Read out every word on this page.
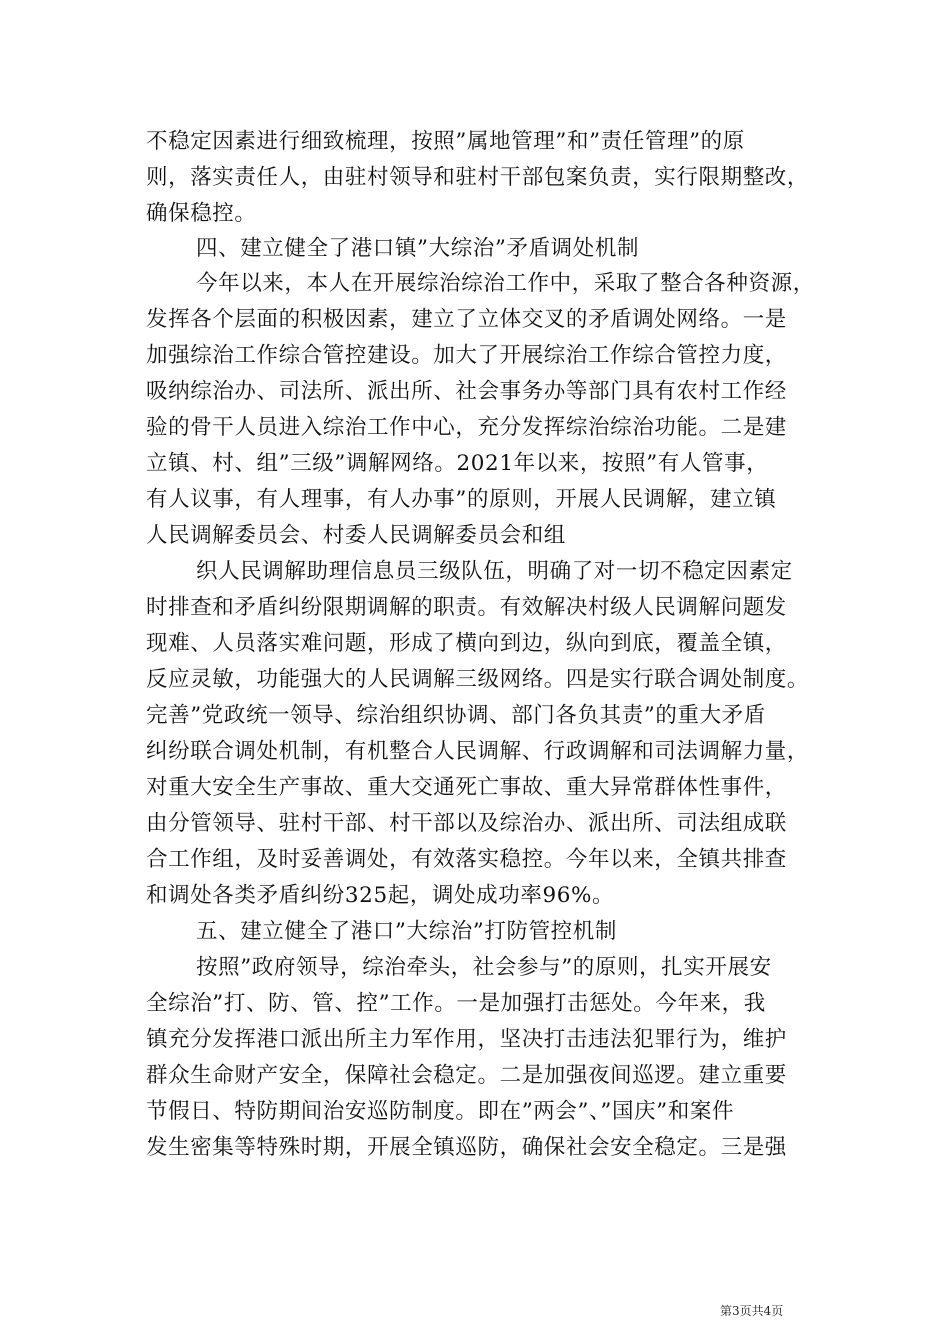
不稳定因素进行细致梳理，按照”属地管理”和”责任管理”的原
则，落实责任人，由驻村领导和驻村干部包案负责，实行限期整改，
确保稳控。
四、建立健全了港口镇”大综治”矛盾调处机制
今年以来，本人在开展综治综治工作中，采取了整合各种资源，
发挥各个层面的积极因素，建立了立体交叉的矛盾调处网络。一是
加强综治工作综合管控建设。加大了开展综治工作综合管控力度，
吸纳综治办、司法所、派出所、社会事务办等部门具有农村工作经
验的骨干人员进入综治工作中心，充分发挥综治综治功能。二是建
立镇、村、组”三级”调解网络。2021年以来，按照”有人管事，
有人议事，有人理事，有人办事”的原则，开展人民调解，建立镇
人民调解委员会、村委人民调解委员会和组
织人民调解助理信息员三级队伍，明确了对一切不稳定因素定
时排查和矛盾纠纷限期调解的职责。有效解决村级人民调解问题发
现难、人员落实难问题，形成了横向到边，纵向到底，覆盖全镇，
反应灵敏，功能强大的人民调解三级网络。四是实行联合调处制度。
完善”党政统一领导、综治组织协调、部门各负其责”的重大矛盾
纠纷联合调处机制，有机整合人民调解、行政调解和司法调解力量，
对重大安全生产事故、重大交通死亡事故、重大异常群体性事件，
由分管领导、驻村干部、村干部以及综治办、派出所、司法组成联
合工作组，及时妥善调处，有效落实稳控。今年以来，全镇共排查
和调处各类矛盾纠纷325起，调处成功率96%。
五、建立健全了港口”大综治”打防管控机制
按照”政府领导，综治牵头，社会参与”的原则，扎实开展安
全综治”打、防、管、控”工作。一是加强打击惩处。今年来，我
镇充分发挥港口派出所主力军作用，坚决打击违法犯罪行为，维护
群众生命财产安全，保障社会稳定。二是加强夜间巡逻。建立重要
节假日、特防期间治安巡防制度。即在”两会”、”国庆”和案件
发生密集等特殊时期，开展全镇巡防，确保社会安全稳定。三是强
第3页共4页
